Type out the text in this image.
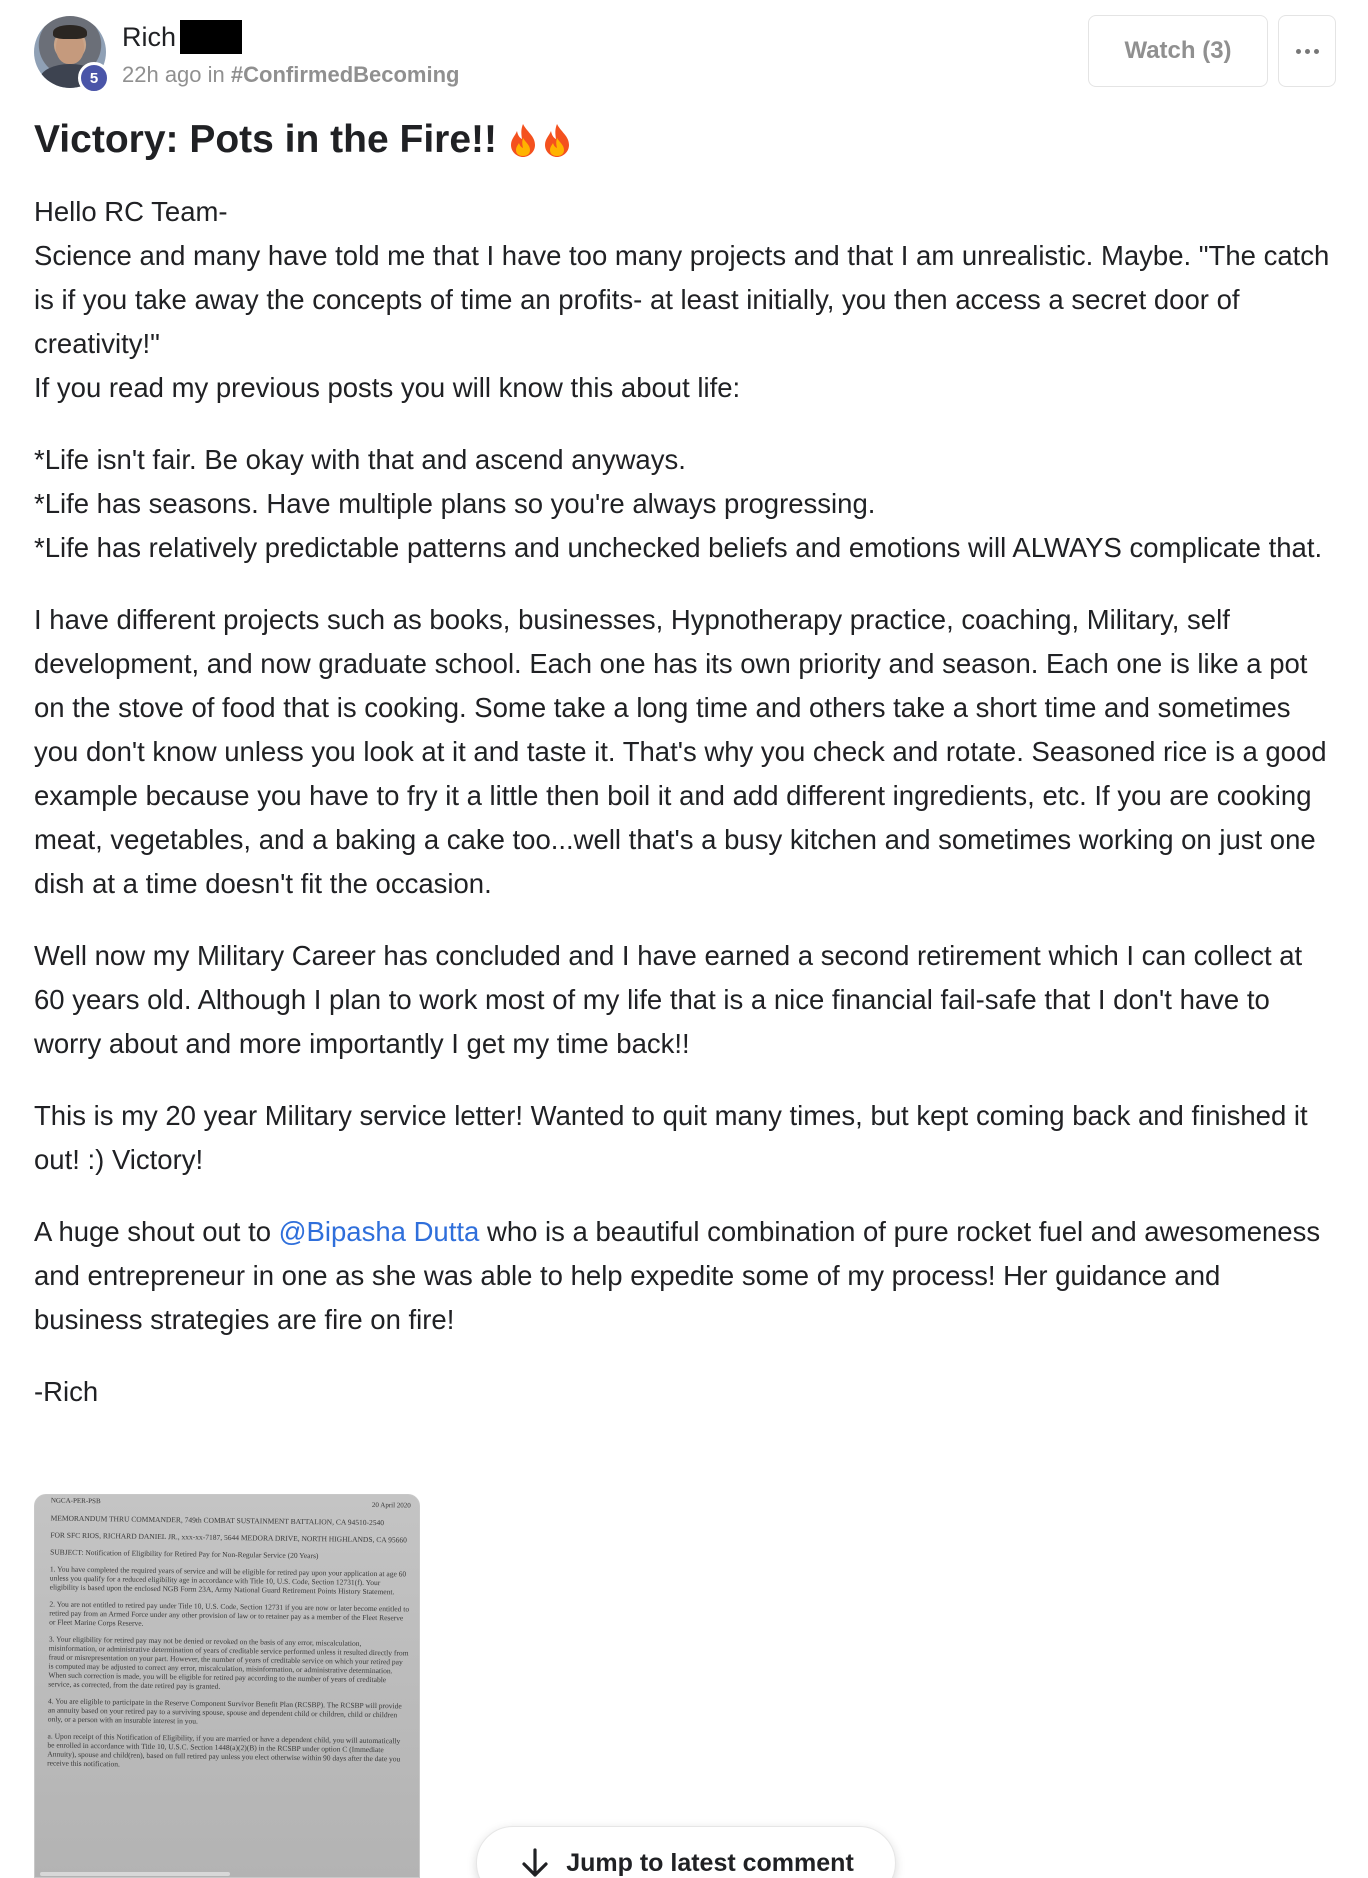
5
Rich
22h ago in #ConfirmedBecoming
Watch (3)
Victory: Pots in the Fire!!

Hello RC Team-

Science and many have told me that I have too many projects and that I am unrealistic. Maybe. "The catch is if you take away the concepts of time an profits- at least initially, you then access a secret door of creativity!"

If you read my previous posts you will know this about life:

*Life isn't fair. Be okay with that and ascend anyways.

*Life has seasons. Have multiple plans so you're always progressing.

*Life has relatively predictable patterns and unchecked beliefs and emotions will ALWAYS complicate that.

I have different projects such as books, businesses, Hypnotherapy practice, coaching, Military, self development, and now graduate school. Each one has its own priority and season. Each one is like a pot on the stove of food that is cooking. Some take a long time and others take a short time and sometimes you don't know unless you look at it and taste it. That's why you check and rotate. Seasoned rice is a good example because you have to fry it a little then boil it and add different ingredients, etc. If you are cooking meat, vegetables, and a baking a cake too...well that's a busy kitchen and sometimes working on just one dish at a time doesn't fit the occasion.

Well now my Military Career has concluded and I have earned a second retirement which I can collect at 60 years old. Although I plan to work most of my life that is a nice financial fail-safe that I don't have to worry about and more importantly I get my time back!!

This is my 20 year Military service letter! Wanted to quit many times, but kept coming back and finished it out! :) Victory!

A huge shout out to @Bipasha Dutta who is a beautiful combination of pure rocket fuel and awesomeness and entrepreneur in one as she was able to help expedite some of my process! Her guidance and business strategies are fire on fire!

-Rich

NGCA-PER-PSB
20 April 2020

MEMORANDUM THRU COMMANDER, 749th COMBAT SUSTAINMENT BATTALION, CA 94510-2540

FOR SFC RIOS, RICHARD DANIEL JR., xxx-xx-7187, 5644 MEDORA DRIVE, NORTH HIGHLANDS, CA 95660

SUBJECT: Notification of Eligibility for Retired Pay for Non-Regular Service (20 Years)

1. You have completed the required years of service and will be eligible for retired pay upon your application at age 60 unless you qualify for a reduced eligibility age in accordance with Title 10, U.S. Code, Section 12731(f). Your eligibility is based upon the enclosed NGB Form 23A, Army National Guard Retirement Points History Statement.

2. You are not entitled to retired pay under Title 10, U.S. Code, Section 12731 if you are now or later become entitled to retired pay from an Armed Force under any other provision of law or to retainer pay as a member of the Fleet Reserve or Fleet Marine Corps Reserve.

3. Your eligibility for retired pay may not be denied or revoked on the basis of any error, miscalculation, misinformation, or administrative determination of years of creditable service performed unless it resulted directly from fraud or misrepresentation on your part. However, the number of years of creditable service on which your retired pay is computed may be adjusted to correct any error, miscalculation, misinformation, or administrative determination. When such correction is made, you will be eligible for retired pay according to the number of years of creditable service, as corrected, from the date retired pay is granted.

4. You are eligible to participate in the Reserve Component Survivor Benefit Plan (RCSBP). The RCSBP will provide an annuity based on your retired pay to a surviving spouse, spouse and dependent child or children, child or children only, or a person with an insurable interest in you.

a. Upon receipt of this Notification of Eligibility, if you are married or have a dependent child, you will automatically be enrolled in accordance with Title 10, U.S.C. Section 1448(a)(2)(B) in the RCSBP under option C (Immediate Annuity), spouse and child(ren), based on full retired pay unless you elect otherwise within 90 days after the date you receive this notification.

Jump to latest comment
